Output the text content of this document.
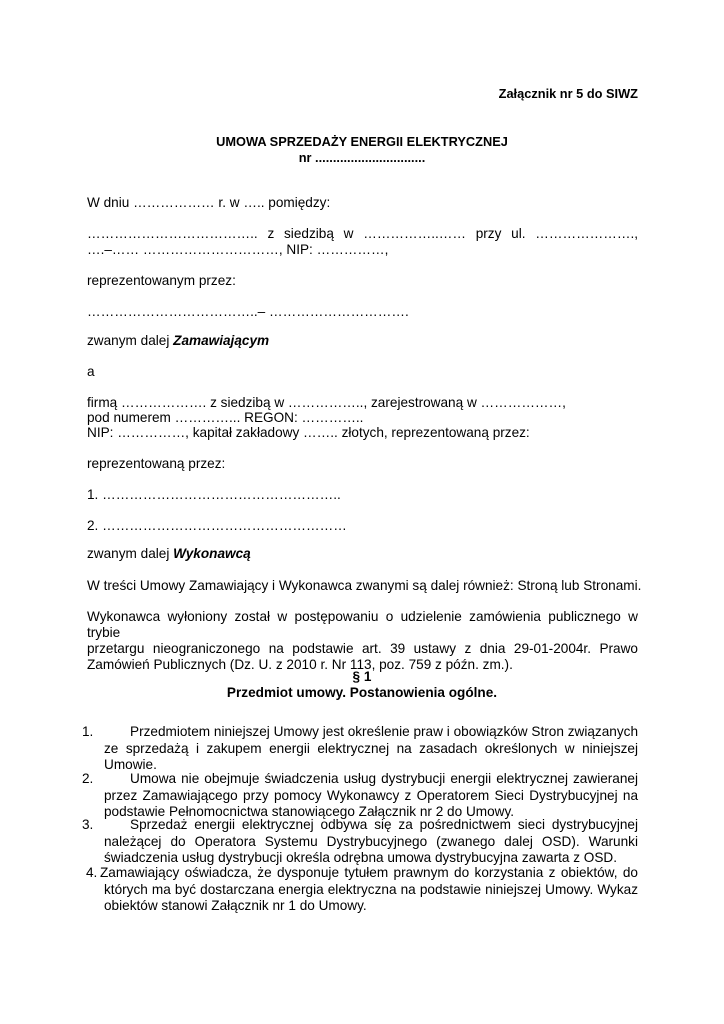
Załącznik nr 5 do SIWZ
UMOWA SPRZEDAŻY ENERGII ELEKTRYCZNEJ
nr ...............................
W dniu ……………… r. w ….. pomiędzy:
……………………………….. z siedzibą w ……………..…… przy ul. ………………….,
….–…… …………………………, NIP: ……………,
reprezentowanym przez:
………………………………..– ………………………….
zwanym dalej Zamawiającym
a
firmą ………………. z siedzibą w …………….., zarejestrowaną w ………………,
pod numerem …………... REGON: …………..
NIP: ……………, kapitał zakładowy …….. złotych, reprezentowaną przez:
reprezentowaną przez:
1. ……………………………………………..
2. ………………………………………………
zwanym dalej Wykonawcą
W treści Umowy Zamawiający i Wykonawca zwanymi są dalej również: Stroną lub Stronami.
Wykonawca wyłoniony został w postępowaniu o udzielenie zamówienia publicznego w trybie
przetargu nieograniczonego na podstawie art. 39 ustawy z dnia 29-01-2004r. Prawo
Zamówień Publicznych (Dz. U. z 2010 r. Nr 113, poz. 759 z późn. zm.).
§ 1
Przedmiot umowy. Postanowienia ogólne.
1.	Przedmiotem niniejszej Umowy jest określenie praw i obowiązków Stron związanych
ze sprzedażą i zakupem energii elektrycznej na zasadach określonych w niniejszej
Umowie.
2.	Umowa nie obejmuje świadczenia usług dystrybucji energii elektrycznej zawieranej
przez Zamawiającego przy pomocy Wykonawcy z Operatorem Sieci Dystrybucyjnej na
podstawie Pełnomocnictwa stanowiącego Załącznik nr 2 do Umowy.
3.	Sprzedaż energii elektrycznej odbywa się za pośrednictwem sieci dystrybucyjnej
należącej do Operatora Systemu Dystrybucyjnego (zwanego dalej OSD). Warunki
świadczenia usług dystrybucji określa odrębna umowa dystrybucyjna zawarta z OSD.
4. Zamawiający oświadcza, że dysponuje tytułem prawnym do korzystania z obiektów, do
których ma być dostarczana energia elektryczna na podstawie niniejszej Umowy. Wykaz
obiektów stanowi Załącznik nr 1 do Umowy.
